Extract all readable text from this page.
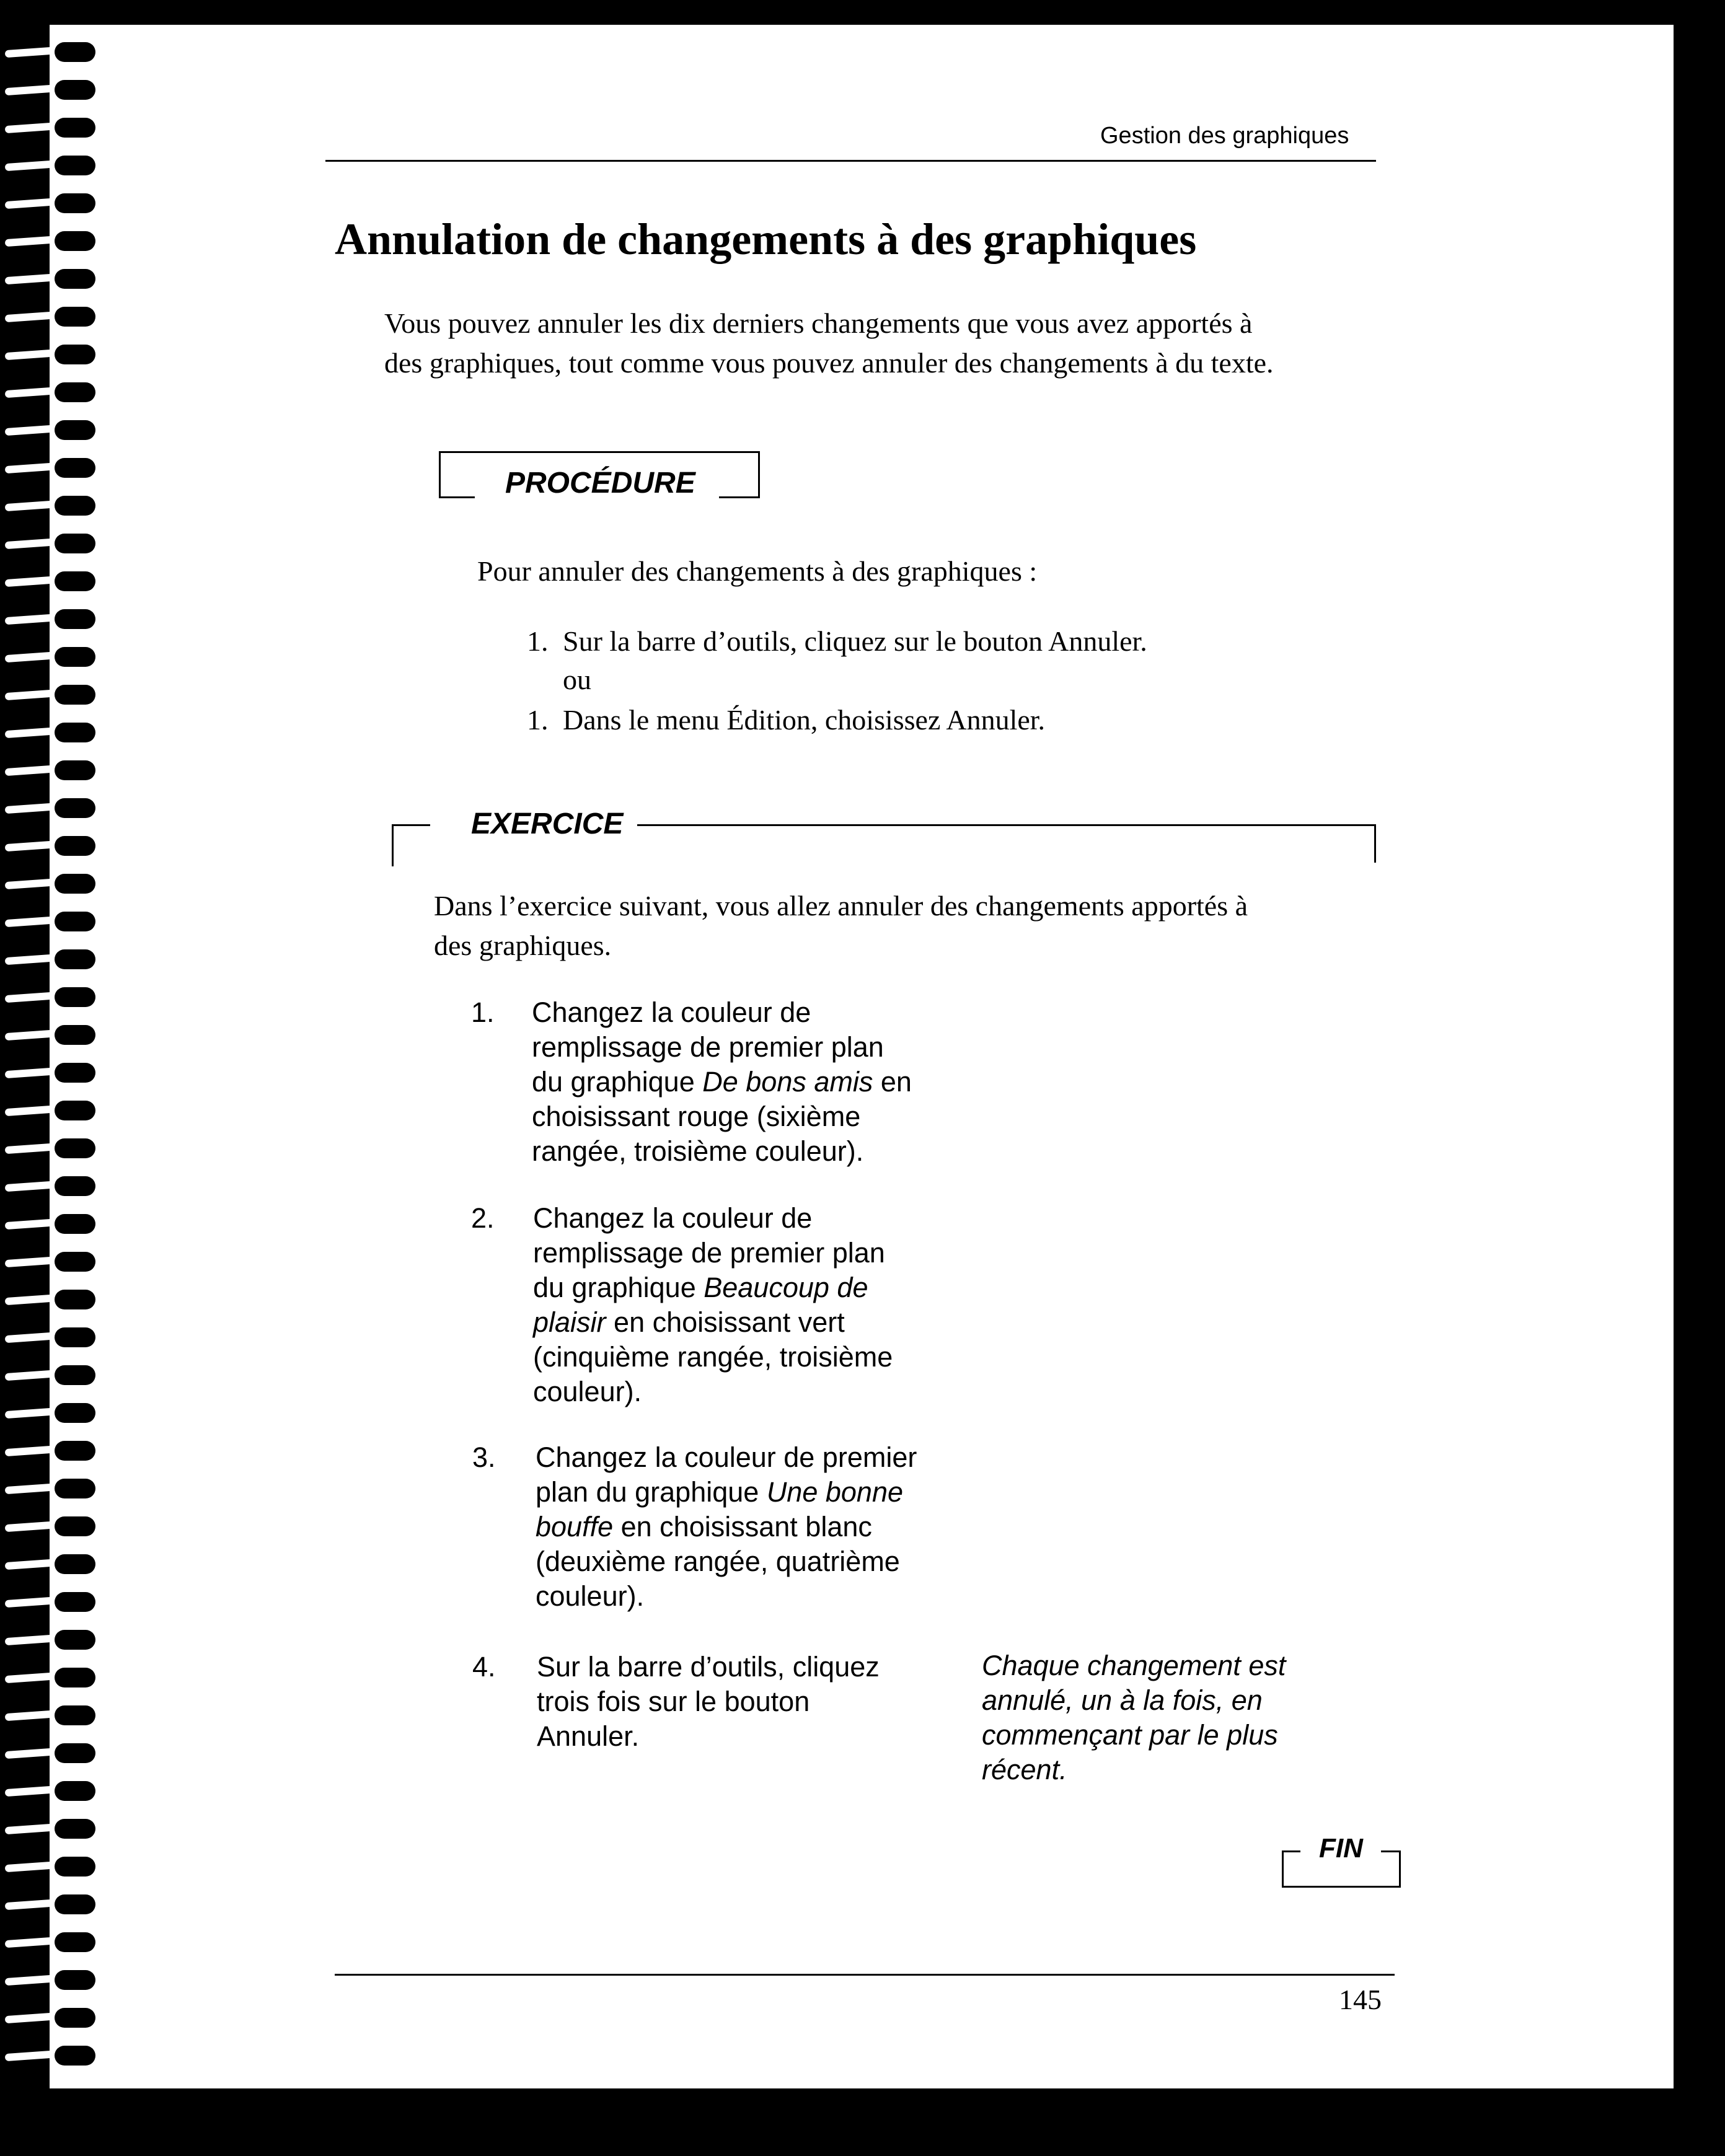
Gestion des graphiques
Annulation de changements à des graphiques
Vous pouvez annuler les dix derniers changements que vous avez apportés à
des graphiques, tout comme vous pouvez annuler des changements à du texte.
PROCÉDURE
Pour annuler des changements à des graphiques :
1. Sur la barre d’outils, cliquez sur le bouton Annuler.
ou
1. Dans le menu Édition, choisissez Annuler.
EXERCICE
Dans l’exercice suivant, vous allez annuler des changements apportés à
des graphiques.
1. Changez la couleur de
remplissage de premier plan
du graphique De bons amis en
choisissant rouge (sixième
rangée, troisième couleur).
2. Changez la couleur de
remplissage de premier plan
du graphique Beaucoup de
plaisir en choisissant vert
(cinquième rangée, troisième
couleur).
3. Changez la couleur de premier
plan du graphique Une bonne
bouffe en choisissant blanc
(deuxième rangée, quatrième
couleur).
4. Sur la barre d’outils, cliquez
trois fois sur le bouton
Annuler.
Chaque changement est
annulé, un à la fois, en
commençant par le plus
récent.
FIN
145
